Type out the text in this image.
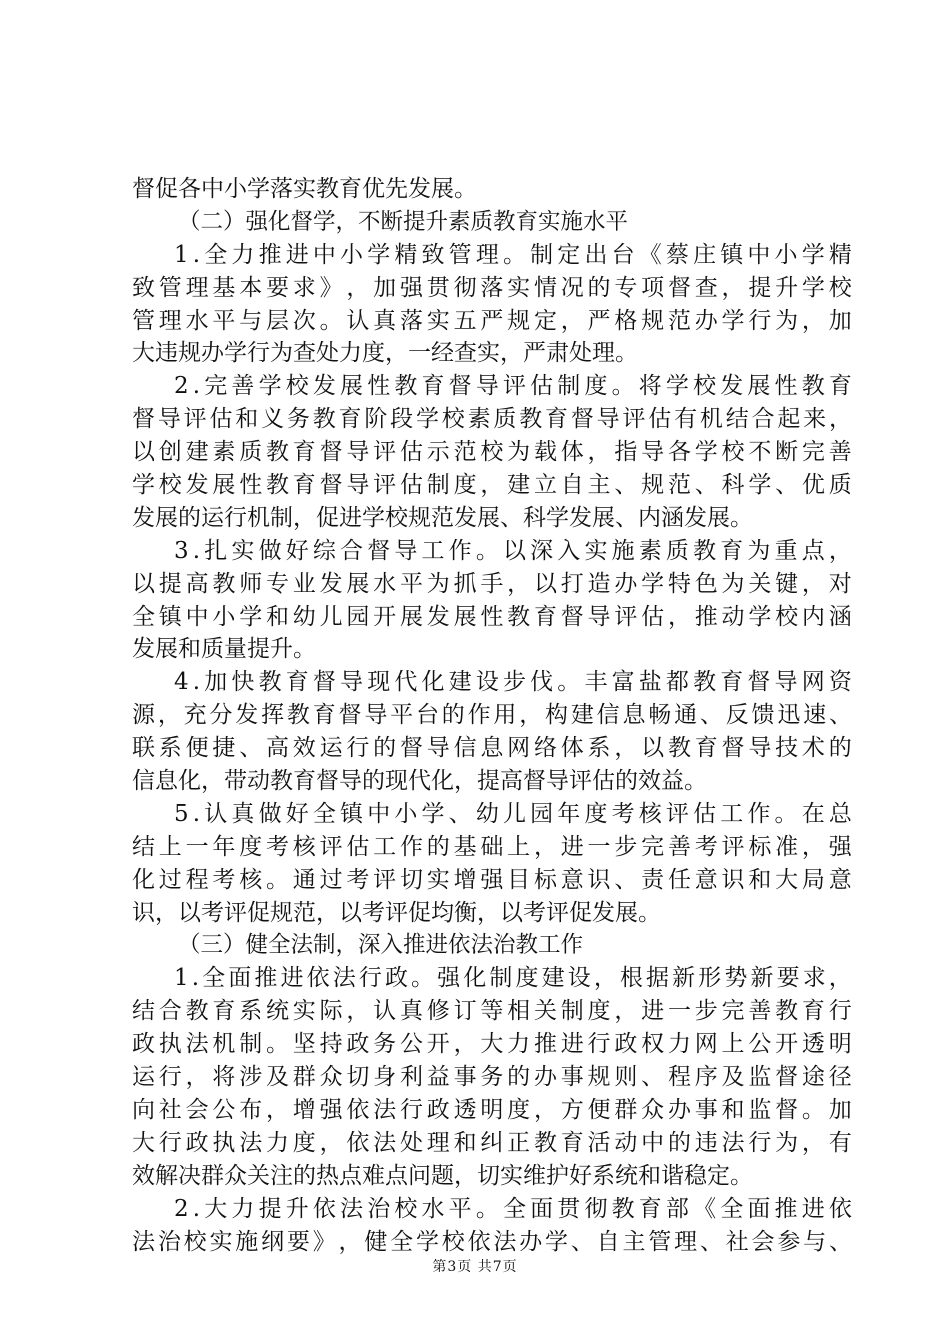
督促各中小学落实教育优先发展。
（二）强化督学，不断提升素质教育实施水平
1 . 全 力 推 进 中 小 学 精 致 管 理 。 制 定 出 台 《 蔡 庄 镇 中 小 学 精
致 管 理 基 本 要 求 》 ， 加 强 贯 彻 落 实 情 况 的 专 项 督 查 ， 提 升 学 校
管 理 水 平 与 层 次 。 认 真 落 实 五 严 规 定 ， 严 格 规 范 办 学 行 为 ， 加
大违规办学行为查处力度，一经查实，严肃处理。
2 . 完 善 学 校 发 展 性 教 育 督 导 评 估 制 度 。 将 学 校 发 展 性 教 育
督 导 评 估 和 义 务 教 育 阶 段 学 校 素 质 教 育 督 导 评 估 有 机 结 合 起 来 ，
以 创 建 素 质 教 育 督 导 评 估 示 范 校 为 载 体 ， 指 导 各 学 校 不 断 完 善
学 校 发 展 性 教 育 督 导 评 估 制 度 ， 建 立 自 主 、 规 范 、 科 学 、 优 质
发展的运行机制，促进学校规范发展、科学发展、内涵发展。
3 . 扎 实 做 好 综 合 督 导 工 作 。 以 深 入 实 施 素 质 教 育 为 重 点 ，
以 提 高 教 师 专 业 发 展 水 平 为 抓 手 ， 以 打 造 办 学 特 色 为 关 键 ， 对
全 镇 中 小 学 和 幼 儿 园 开 展 发 展 性 教 育 督 导 评 估 ， 推 动 学 校 内 涵
发展和质量提升。
4 . 加 快 教 育 督 导 现 代 化 建 设 步 伐 。 丰 富 盐 都 教 育 督 导 网 资
源 ， 充 分 发 挥 教 育 督 导 平 台 的 作 用 ， 构 建 信 息 畅 通 、 反 馈 迅 速 、
联 系 便 捷 、 高 效 运 行 的 督 导 信 息 网 络 体 系 ， 以 教 育 督 导 技 术 的
信息化，带动教育督导的现代化，提高督导评估的效益。
5 . 认 真 做 好 全 镇 中 小 学 、 幼 儿 园 年 度 考 核 评 估 工 作 。 在 总
结 上 一 年 度 考 核 评 估 工 作 的 基 础 上 ， 进 一 步 完 善 考 评 标 准 ， 强
化 过 程 考 核 。 通 过 考 评 切 实 增 强 目 标 意 识 、 责 任 意 识 和 大 局 意
识，以考评促规范，以考评促均衡，以考评促发展。
（三）健全法制，深入推进依法治教工作
1 . 全 面 推 进 依 法 行 政 。 强 化 制 度 建 设 ， 根 据 新 形 势 新 要 求 ，
结 合 教 育 系 统 实 际 ， 认 真 修 订 等 相 关 制 度 ， 进 一 步 完 善 教 育 行
政 执 法 机 制 。 坚 持 政 务 公 开 ， 大 力 推 进 行 政 权 力 网 上 公 开 透 明
运 行 ， 将 涉 及 群 众 切 身 利 益 事 务 的 办 事 规 则 、 程 序 及 监 督 途 径
向 社 会 公 布 ， 增 强 依 法 行 政 透 明 度 ， 方 便 群 众 办 事 和 监 督 。 加
大 行 政 执 法 力 度 ， 依 法 处 理 和 纠 正 教 育 活 动 中 的 违 法 行 为 ， 有
效解决群众关注的热点难点问题，切实维护好系统和谐稳定。
2 . 大 力 提 升 依 法 治 校 水 平 。 全 面 贯 彻 教 育 部 《 全 面 推 进 依
法 治 校 实 施 纲 要 》 ， 健 全 学 校 依 法 办 学 、 自 主 管 理 、 社 会 参 与 、
第3页 共7页
